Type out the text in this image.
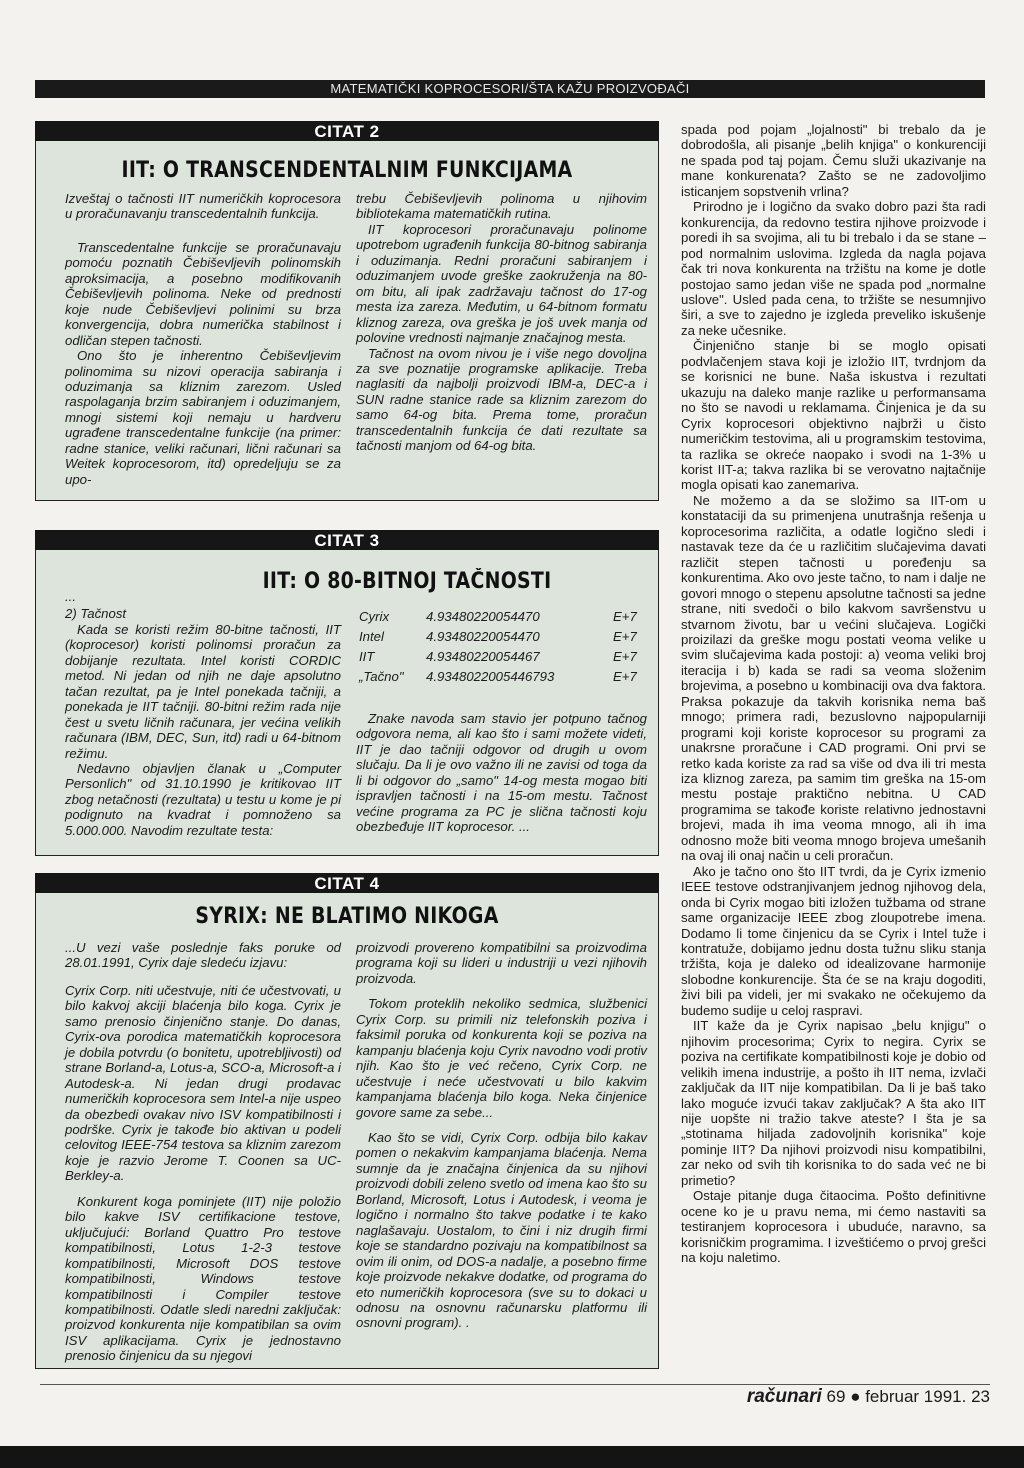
MATEMATIČKI KOPROCESORI/ŠTA KAŽU PROIZVOĐAČI
CITAT 2
IIT: O TRANSCENDENTALNIM FUNKCIJAMA

Izveštaj o tačnosti IIT numeričkih koprocesora u proračunavanju transcedentalnih funkcija.

Transcedentalne funkcije se proračunavaju pomoću poznatih Čebiševljevih polinomskih aproksimacija, a posebno modifikovanih Čebiševljevih polinoma. Neke od prednosti koje nude Čebiševljevi polinimi su brza konvergencija, dobra numerička stabilnost i odličan stepen tačnosti.

Ono što je inherentno Čebiševljevim polinomima su nizovi operacija sabiranja i oduzimanja sa kliznim zarezom. Usled raspolaganja brzim sabiranjem i oduzimanjem, mnogi sistemi koji nemaju u hardveru ugrađene transcedentalne funkcije (na primer: radne stanice, veliki računari, lični računari sa Weitek koprocesorom, itd) opredeljuju se za upo-

trebu Čebiševljevih polinoma u njihovim bibliotekama matematičkih rutina.

IIT koprocesori proračunavaju polinome upotrebom ugrađenih funkcija 80-bitnog sabiranja i oduzimanja. Redni proračuni sabiranjem i oduzimanjem uvode greške zaokruženja na 80-om bitu, ali ipak zadržavaju tačnost do 17-og mesta iza zareza. Međutim, u 64-bitnom formatu kliznog zareza, ova greška je još uvek manja od polovine vrednosti najmanje značajnog mesta.

Tačnost na ovom nivou je i više nego dovoljna za sve poznatije programske aplikacije. Treba naglasiti da najbolji proizvodi IBM-a, DEC-a i SUN radne stanice rade sa kliznim zarezom do samo 64-og bita. Prema tome, proračun transcedentalnih funkcija će dati rezultate sa tačnosti manjom od 64-og bita.

CITAT 3
IIT: O 80-BITNOJ TAČNOSTI

...

2) Tačnost

Kada se koristi režim 80-bitne tačnosti, IIT (koprocesor) koristi polinomsi proračun za dobijanje rezultata. Intel koristi CORDIC metod. Ni jedan od njih ne daje apsolutno tačan rezultat, pa je Intel ponekada tačniji, a ponekada je IIT tačniji. 80-bitni režim rada nije čest u svetu ličnih računara, jer većina velikih računara (IBM, DEC, Sun, itd) radi u 64-bitnom režimu.

Nedavno objavljen članak u „Computer Personlich" od 31.10.1990 je kritikovao IIT zbog netačnosti (rezultata) u testu u kome je pi podignuto na kvadrat i pomnoženo sa 5.000.000. Navodim rezultate testa:

Znake navoda sam stavio jer potpuno tačnog odgovora nema, ali kao što i sami možete videti, IIT je dao tačniji odgovor od drugih u ovom slučaju. Da li je ovo važno ili ne zavisi od toga da li bi odgovor do „samo" 14-og mesta mogao biti ispravljen tačnosti i na 15-om mestu. Tačnost većine programa za PC je slična tačnosti koju obezbeđuje IIT koprocesor. ...

Cyrix	4.93480220054470	E+7
Intel	4.93480220054470	E+7
IIT	4.93480220054467	E+7
„Tačno" 4.9348022005446793	E+7
CITAT 4
SYRIX: NE BLATIMO NIKOGA

...U vezi vaše poslednje faks poruke od 28.01.1991, Cyrix daje sledeću izjavu:

Cyrix Corp. niti učestvuje, niti će učestvovati, u bilo kakvoj akciji blaćenja bilo koga. Cyrix je samo prenosio činjenično stanje. Do danas, Cyrix-ova porodica matematičkih koprocesora je dobila potvrdu (o bonitetu, upotrebljivosti) od strane Borland-a, Lotus-a, SCO-a, Microsoft-a i Autodesk-a. Ni jedan drugi prodavac numeričkih koprocesora sem Intel-a nije uspeo da obezbedi ovakav nivo ISV kompatibilnosti i podrške. Cyrix je takođe bio aktivan u podeli celovitog IEEE-754 testova sa kliznim zarezom koje je razvio Jerome T. Coonen sa UC-Berkley-a.

Konkurent koga pominjete (IIT) nije položio bilo kakve ISV certifikacione testove, uključujući: Borland Quattro Pro testove kompatibilnosti, Lotus 1-2-3 testove kompatibilnosti, Microsoft DOS testove kompatibilnosti, Windows testove kompatibilnosti i Compiler testove kompatibilnosti. Odatle sledi naredni zaključak: proizvod konkurenta nije kompatibilan sa ovim ISV aplikacijama. Cyrix je jednostavno prenosio činjenicu da su njegovi

proizvodi provereno kompatibilni sa proizvodima programa koji su lideri u industriji u vezi njihovih proizvoda.

Tokom proteklih nekoliko sedmica, službenici Cyrix Corp. su primili niz telefonskih poziva i faksimil poruka od konkurenta koji se poziva na kampanju blaćenja koju Cyrix navodno vodi protiv njih. Kao što je već rečeno, Cyrix Corp. ne učestvuje i neće učestvovati u bilo kakvim kampanjama blaćenja bilo koga. Neka činjenice govore same za sebe...

Kao što se vidi, Cyrix Corp. odbija bilo kakav pomen o nekakvim kampanjama blaćenja. Nema sumnje da je značajna činjenica da su njihovi proizvodi dobili zeleno svetlo od imena kao što su Borland, Microsoft, Lotus i Autodesk, i veoma je logično i normalno što takve podatke i te kako naglašavaju. Uostalom, to čini i niz drugih firmi koje se standardno pozivaju na kompatibilnost sa ovim ili onim, od DOS-a nadalje, a posebno firme koje proizvode nekakve dodatke, od programa do eto numeričkih koprocesora (sve su to dokaci u odnosu na osnovnu računarsku platformu ili osnovni program). .

spada pod pojam „lojalnosti" bi trebalo da je dobrodošla, ali pisanje „belih knjiga" o konkurenciji ne spada pod taj pojam. Čemu služi ukazivanje na mane konkurenata? Zašto se ne zadovoljimo isticanjem sopstvenih vrlina?

Prirodno je i logično da svako dobro pazi šta radi konkurencija, da redovno testira njihove proizvode i poredi ih sa svojima, ali tu bi trebalo i da se stane – pod normalnim uslovima. Izgleda da nagla pojava čak tri nova konkurenta na tržištu na kome je dotle postojao samo jedan više ne spada pod „normalne uslove". Usled pada cena, to tržište se nesumnjivo širi, a sve to zajedno je izgleda preveliko iskušenje za neke učesnike.

Činjenično stanje bi se moglo opisati podvlačenjem stava koji je izložio IIT, tvrdnjom da se korisnici ne bune. Naša iskustva i rezultati ukazuju na daleko manje razlike u performansama no što se navodi u reklamama. Činjenica je da su Cyrix koprocesori objektivno najbrži u čisto numeričkim testovima, ali u programskim testovima, ta razlika se okreće naopako i svodi na 1-3% u korist IIT-a; takva razlika bi se verovatno najtačnije mogla opisati kao zanemariva.

Ne možemo a da se složimo sa IIT-om u konstataciji da su primenjena unutrašnja rešenja u koprocesorima različita, a odatle logično sledi i nastavak teze da će u različitim slučajevima davati različit stepen tačnosti u poređenju sa konkurentima. Ako ovo jeste tačno, to nam i dalje ne govori mnogo o stepenu apsolutne tačnosti sa jedne strane, niti svedoči o bilo kakvom savršenstvu u stvarnom životu, bar u većini slučajeva. Logički proizilazi da greške mogu postati veoma velike u svim slučajevima kada postoji: a) veoma veliki broj iteracija i b) kada se radi sa veoma složenim brojevima, a posebno u kombinaciji ova dva faktora. Praksa pokazuje da takvih korisnika nema baš mnogo; primera radi, bezuslovno najpopularniji programi koji koriste koprocesor su programi za unakrsne proračune i CAD programi. Oni prvi se retko kada koriste za rad sa više od dva ili tri mesta iza kliznog zareza, pa samim tim greška na 15-om mestu postaje praktično nebitna. U CAD programima se takođe koriste relativno jednostavni brojevi, mada ih ima veoma mnogo, ali ih ima odnosno može biti veoma mnogo brojeva umešanih na ovaj ili onaj način u celi proračun.

Ako je tačno ono što IIT tvrdi, da je Cyrix izmenio IEEE testove odstranjivanjem jednog njihovog dela, onda bi Cyrix mogao biti izložen tužbama od strane same organizacije IEEE zbog zloupotrebe imena. Dodamo li tome činjenicu da se Cyrix i Intel tuže i kontratuže, dobijamo jednu dosta tužnu sliku stanja tržišta, koja je daleko od idealizovane harmonije slobodne konkurencije. Šta će se na kraju dogoditi, živi bili pa videli, jer mi svakako ne očekujemo da budemo sudije u celoj raspravi.

IIT kaže da je Cyrix napisao „belu knjigu" o njihovim procesorima; Cyrix to negira. Cyrix se poziva na certifikate kompatibilnosti koje je dobio od velikih imena industrije, a pošto ih IIT nema, izvlači zaključak da IIT nije kompatibilan. Da li je baš tako lako moguće izvući takav zaključak? A šta ako IIT nije uopšte ni tražio takve ateste? I šta je sa „stotinama hiljada zadovoljnih korisnika" koje pominje IIT? Da njihovi proizvodi nisu kompatibilni, zar neko od svih tih korisnika to do sada već ne bi primetio?

Ostaje pitanje duga čitaocima. Pošto definitivne ocene ko je u pravu nema, mi ćemo nastaviti sa testiranjem koprocesora i ubuduće, naravno, sa korisničkim programima. I izveštićemo o prvoj grešci na koju naletimo.

računari 69 ● februar 1991. 23
